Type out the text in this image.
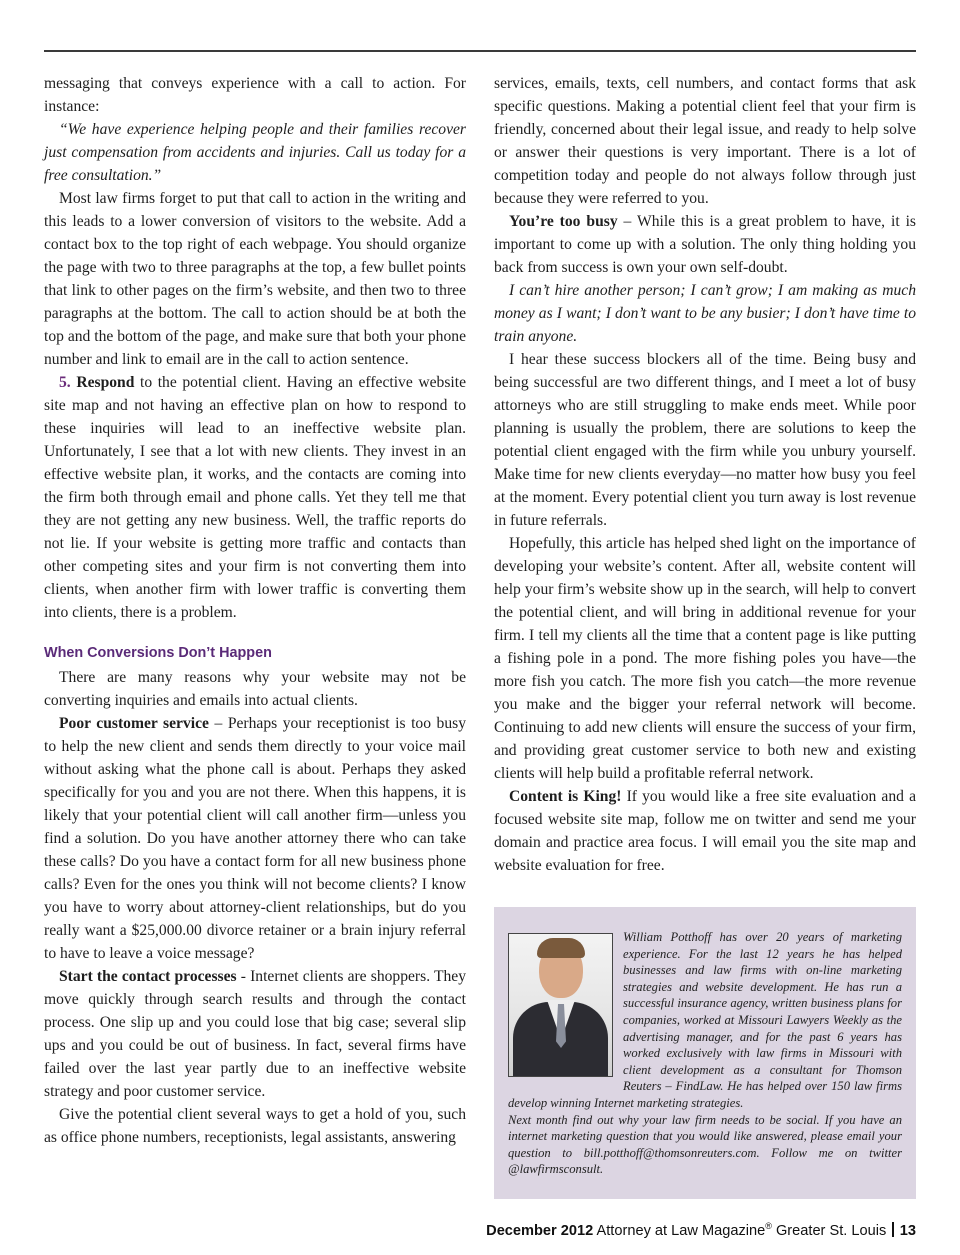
messaging that conveys experience with a call to action. For instance:

“We have experience helping people and their families recover just compensation from accidents and injuries. Call us today for a free consultation.”

Most law firms forget to put that call to action in the writing and this leads to a lower conversion of visitors to the website. Add a contact box to the top right of each webpage. You should organize the page with two to three paragraphs at the top, a few bullet points that link to other pages on the firm’s website, and then two to three paragraphs at the bottom. The call to action should be at both the top and the bottom of the page, and make sure that both your phone number and link to email are in the call to action sentence.

5. Respond to the potential client. Having an effective website site map and not having an effective plan on how to respond to these inquiries will lead to an ineffective website plan. Unfortunately, I see that a lot with new clients. They invest in an effective website plan, it works, and the contacts are coming into the firm both through email and phone calls. Yet they tell me that they are not getting any new business. Well, the traffic reports do not lie. If your website is getting more traffic and contacts than other competing sites and your firm is not converting them into clients, when another firm with lower traffic is converting them into clients, there is a problem.

When Conversions Don’t Happen

There are many reasons why your website may not be converting inquiries and emails into actual clients.

Poor customer service – Perhaps your receptionist is too busy to help the new client and sends them directly to your voice mail without asking what the phone call is about. Perhaps they asked specifically for you and you are not there. When this happens, it is likely that your potential client will call another firm—unless you find a solution. Do you have another attorney there who can take these calls? Do you have a contact form for all new business phone calls? Even for the ones you think will not become clients? I know you have to worry about attorney-client relationships, but do you really want a $25,000.00 divorce retainer or a brain injury referral to have to leave a voice message?

Start the contact processes - Internet clients are shoppers. They move quickly through search results and through the contact process. One slip up and you could lose that big case; several slip ups and you could be out of business. In fact, several firms have failed over the last year partly due to an ineffective website strategy and poor customer service.

Give the potential client several ways to get a hold of you, such as office phone numbers, receptionists, legal assistants, answering

services, emails, texts, cell numbers, and contact forms that ask specific questions. Making a potential client feel that your firm is friendly, concerned about their legal issue, and ready to help solve or answer their questions is very important. There is a lot of competition today and people do not always follow through just because they were referred to you.

You’re too busy – While this is a great problem to have, it is important to come up with a solution. The only thing holding you back from success is own your own self-doubt.

I can’t hire another person; I can’t grow; I am making as much money as I want; I don’t want to be any busier; I don’t have time to train anyone.

I hear these success blockers all of the time. Being busy and being successful are two different things, and I meet a lot of busy attorneys who are still struggling to make ends meet. While poor planning is usually the problem, there are solutions to keep the potential client engaged with the firm while you unbury yourself. Make time for new clients everyday—no matter how busy you feel at the moment. Every potential client you turn away is lost revenue in future referrals.

Hopefully, this article has helped shed light on the importance of developing your website’s content. After all, website content will help your firm’s website show up in the search, will help to convert the potential client, and will bring in additional revenue for your firm. I tell my clients all the time that a content page is like putting a fishing pole in a pond. The more fishing poles you have—the more fish you catch. The more fish you catch—the more revenue you make and the bigger your referral network will become. Continuing to add new clients will ensure the success of your firm, and providing great customer service to both new and existing clients will help build a profitable referral network.

Content is King! If you would like a free site evaluation and a focused website site map, follow me on twitter and send me your domain and practice area focus. I will email you the site map and website evaluation for free.

William Potthoff has over 20 years of marketing experience. For the last 12 years he has helped businesses and law firms with on-line marketing strategies and website development. He has run a successful insurance agency, written business plans for companies, worked at Missouri Lawyers Weekly as the advertising manager, and for the past 6 years has worked exclusively with law firms in Missouri with client development as a consultant for Thomson Reuters – FindLaw. He has helped over 150 law firms develop winning Internet marketing strategies.

Next month find out why your law firm needs to be social. If you have an internet marketing question that you would like answered, please email your question to bill.potthoff@thomsonreuters.com. Follow me on twitter @lawfirmsconsult.

December 2012 Attorney at Law Magazine® Greater St. Louis 13
